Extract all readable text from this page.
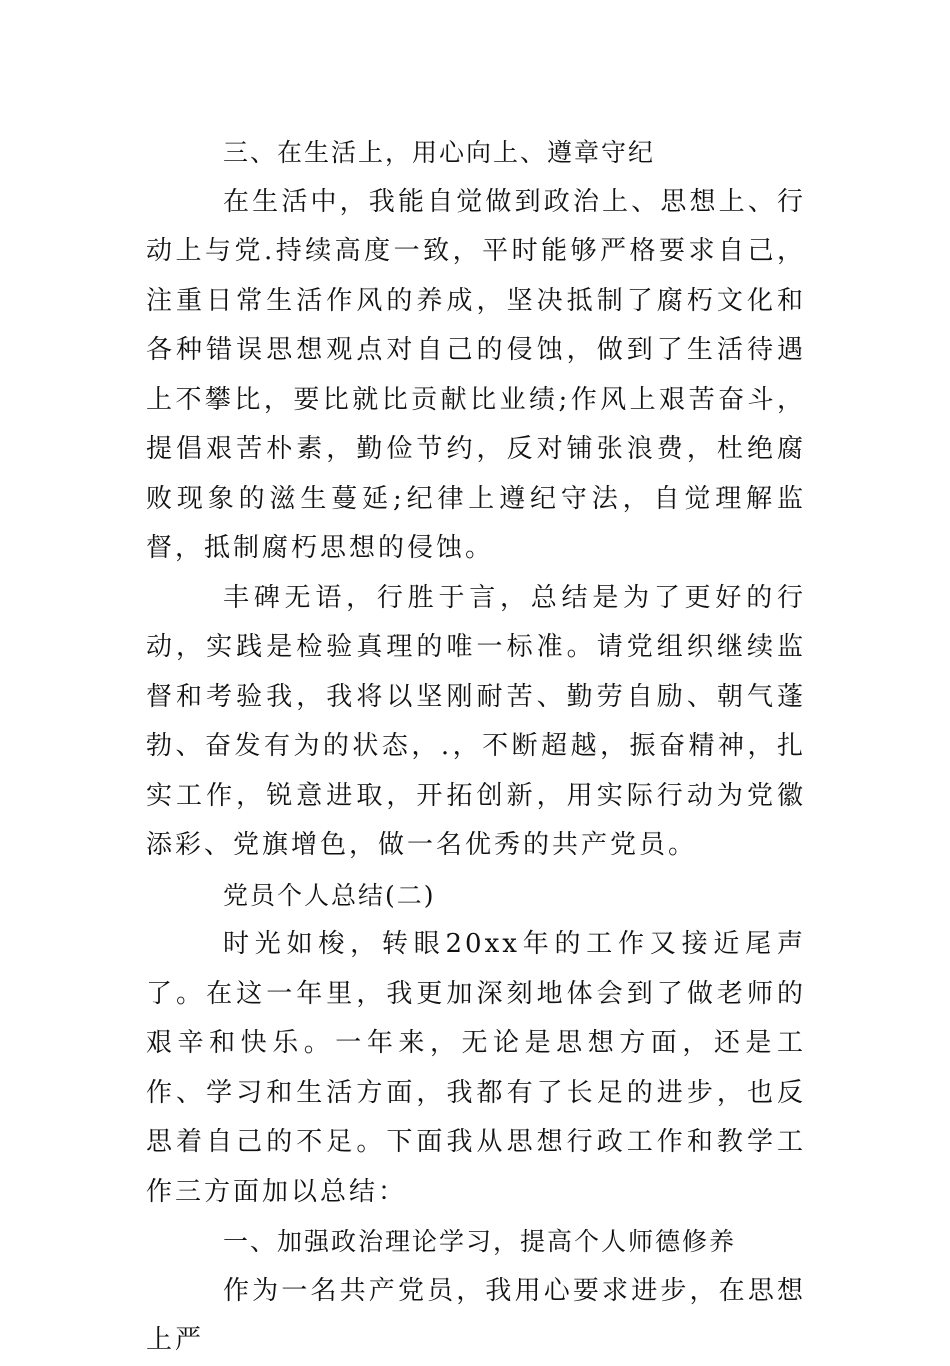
三、在生活上，用心向上、遵章守纪

在生活中，我能自觉做到政治上、思想上、行动上与党.持续高度一致，平时能够严格要求自己，注重日常生活作风的养成，坚决抵制了腐朽文化和各种错误思想观点对自己的侵蚀，做到了生活待遇上不攀比，要比就比贡献比业绩;作风上艰苦奋斗，提倡艰苦朴素，勤俭节约，反对铺张浪费，杜绝腐败现象的滋生蔓延;纪律上遵纪守法，自觉理解监督，抵制腐朽思想的侵蚀。

丰碑无语，行胜于言，总结是为了更好的行动，实践是检验真理的唯一标准。请党组织继续监督和考验我，我将以坚刚耐苦、勤劳自励、朝气蓬勃、奋发有为的状态，.，不断超越，振奋精神，扎实工作，锐意进取，开拓创新，用实际行动为党徽添彩、党旗增色，做一名优秀的共产党员。

党员个人总结(二)

时光如梭，转眼20xx年的工作又接近尾声了。在这一年里，我更加深刻地体会到了做老师的艰辛和快乐。一年来，无论是思想方面，还是工作、学习和生活方面，我都有了长足的进步，也反思着自己的不足。下面我从思想行政工作和教学工作三方面加以总结：

一、加强政治理论学习，提高个人师德修养

作为一名共产党员，我用心要求进步，在思想上严
